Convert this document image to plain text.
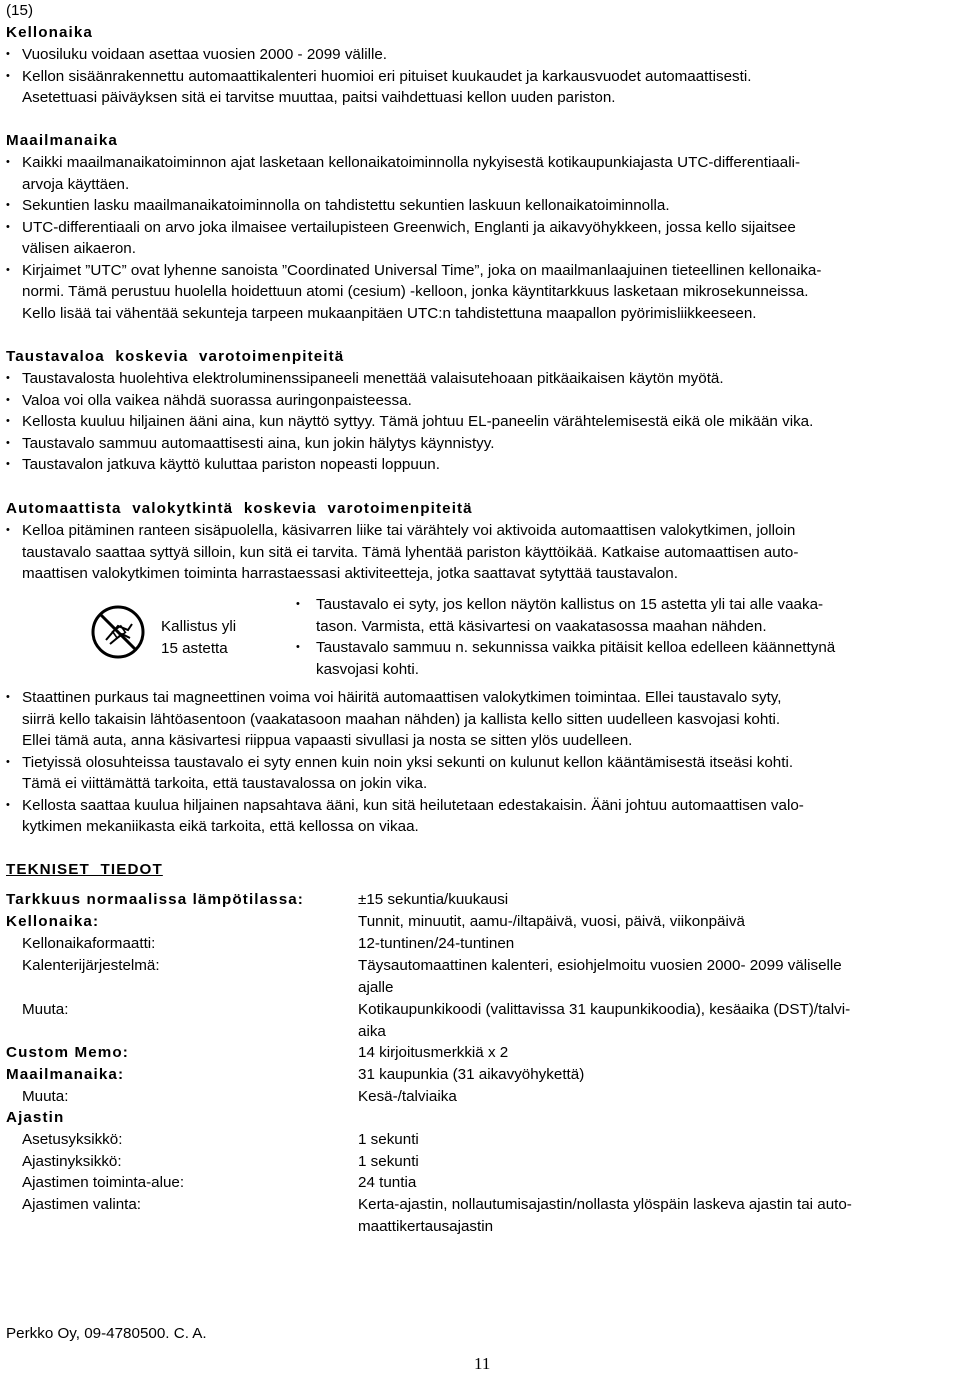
(15)
Kellonaika
• Vuosiluku voidaan asettaa vuosien 2000 - 2099 välille.
• Kellon sisäänrakennettu automaattikalenteri huomioi eri pituiset kuukaudet ja karkausvuodet automaattisesti.
Asetettuasi päiväyksen sitä ei tarvitse muuttaa, paitsi vaihdettuasi kellon uuden pariston.
Maailmanaika
• Kaikki maailmanaikatoiminnon ajat lasketaan kellonaikatoiminnolla nykyisestä kotikaupunkiajasta UTC-differentiaali-
arvoja käyttäen.
• Sekuntien lasku maailmanaikatoiminnolla on tahdistettu sekuntien laskuun kellonaikatoiminnolla.
• UTC-differentiaali on arvo joka ilmaisee vertailupisteen Greenwich, Englanti ja aikavyöhykkeen, jossa kello sijaitsee
välisen aikaeron.
• Kirjaimet ”UTC” ovat lyhenne sanoista ”Coordinated Universal Time”, joka on maailmanlaajuinen tieteellinen kellonaika-
normi. Tämä perustuu huolella hoidettuun atomi (cesium) -kelloon, jonka käyntitarkkuus lasketaan mikrosekunneissa.
Kello lisää tai vähentää sekunteja tarpeen mukaanpitäen UTC:n tahdistettuna maapallon pyörimisliikkeeseen.
Taustavaloa  koskevia  varotoimenpiteitä
• Taustavalosta huolehtiva elektroluminenssipaneeli menettää valaisutehoaan pitkäaikaisen käytön myötä.
• Valoa voi olla vaikea nähdä suorassa auringonpaisteessa.
• Kellosta kuuluu hiljainen ääni aina, kun näyttö syttyy. Tämä johtuu EL-paneelin värähtelemisestä eikä ole mikään vika.
• Taustavalo sammuu automaattisesti aina, kun jokin hälytys käynnistyy.
• Taustavalon jatkuva käyttö kuluttaa pariston nopeasti loppuun.
Automaattista  valokytkintä  koskevia  varotoimenpiteitä
• Kelloa pitäminen ranteen sisäpuolella, käsivarren liike tai värähtely voi aktivoida automaattisen valokytkimen, jolloin
taustavalo saattaa syttyä silloin, kun sitä ei tarvita. Tämä lyhentää pariston käyttöikää. Katkaise automaattisen auto-
maattisen valokytkimen toiminta harrastaessasi aktiviteetteja, jotka saattavat sytyttää taustavalon.
Kallistus yli
15 astetta
• Taustavalo ei syty, jos kellon näytön kallistus on 15 astetta yli tai alle vaaka-
tason. Varmista, että käsivartesi on vaakatasossa maahan nähden.
• Taustavalo sammuu n. sekunnissa vaikka pitäisit kelloa edelleen käännettynä
kasvojasi kohti.
• Staattinen purkaus tai magneettinen voima voi häiritä automaattisen valokytkimen toimintaa. Ellei taustavalo syty,
siirrä kello takaisin lähtöasentoon (vaakatasoon maahan nähden) ja kallista kello sitten uudelleen kasvojasi kohti.
Ellei tämä auta, anna käsivartesi riippua vapaasti sivullasi ja nosta se sitten ylös uudelleen.
• Tietyissä olosuhteissa taustavalo ei syty ennen kuin noin yksi sekunti on kulunut kellon kääntämisestä itseäsi kohti.
Tämä ei viittämättä tarkoita, että taustavalossa on jokin vika.
• Kellosta saattaa kuulua hiljainen napsahtava ääni, kun sitä heilutetaan edestakaisin. Ääni johtuu automaattisen valo-
kytkimen mekaniikasta eikä tarkoita, että kellossa on vikaa.
TEKNISET  TIEDOT
Tarkkuus normaalissa lämpötilassa:	±15 sekuntia/kuukausi
Kellonaika:	Tunnit, minuutit, aamu-/iltapäivä, vuosi, päivä, viikonpäivä
Kellonaikaformaatti:	12-tuntinen/24-tuntinen
Kalenterijärjestelmä:	Täysautomaattinen kalenteri, esiohjelmoitu vuosien 2000- 2099 väliselle
ajalle
Muuta:	Kotikaupunkikoodi (valittavissa 31 kaupunkikoodia), kesäaika (DST)/talvi-
aika
Custom Memo:	14 kirjoitusmerkkiä x 2
Maailmanaika:	31 kaupunkia (31 aikavyöhykettä)
Muuta:	Kesä-/talviaika
Ajastin
Asetusyksikkö:	1 sekunti
Ajastinyksikkö:	1 sekunti
Ajastimen toiminta-alue:	24 tuntia
Ajastimen valinta:	Kerta-ajastin, nollautumisajastin/nollasta ylöspäin laskeva ajastin tai auto-
maattikertausajastin
Perkko Oy, 09-4780500. C. A.
11
